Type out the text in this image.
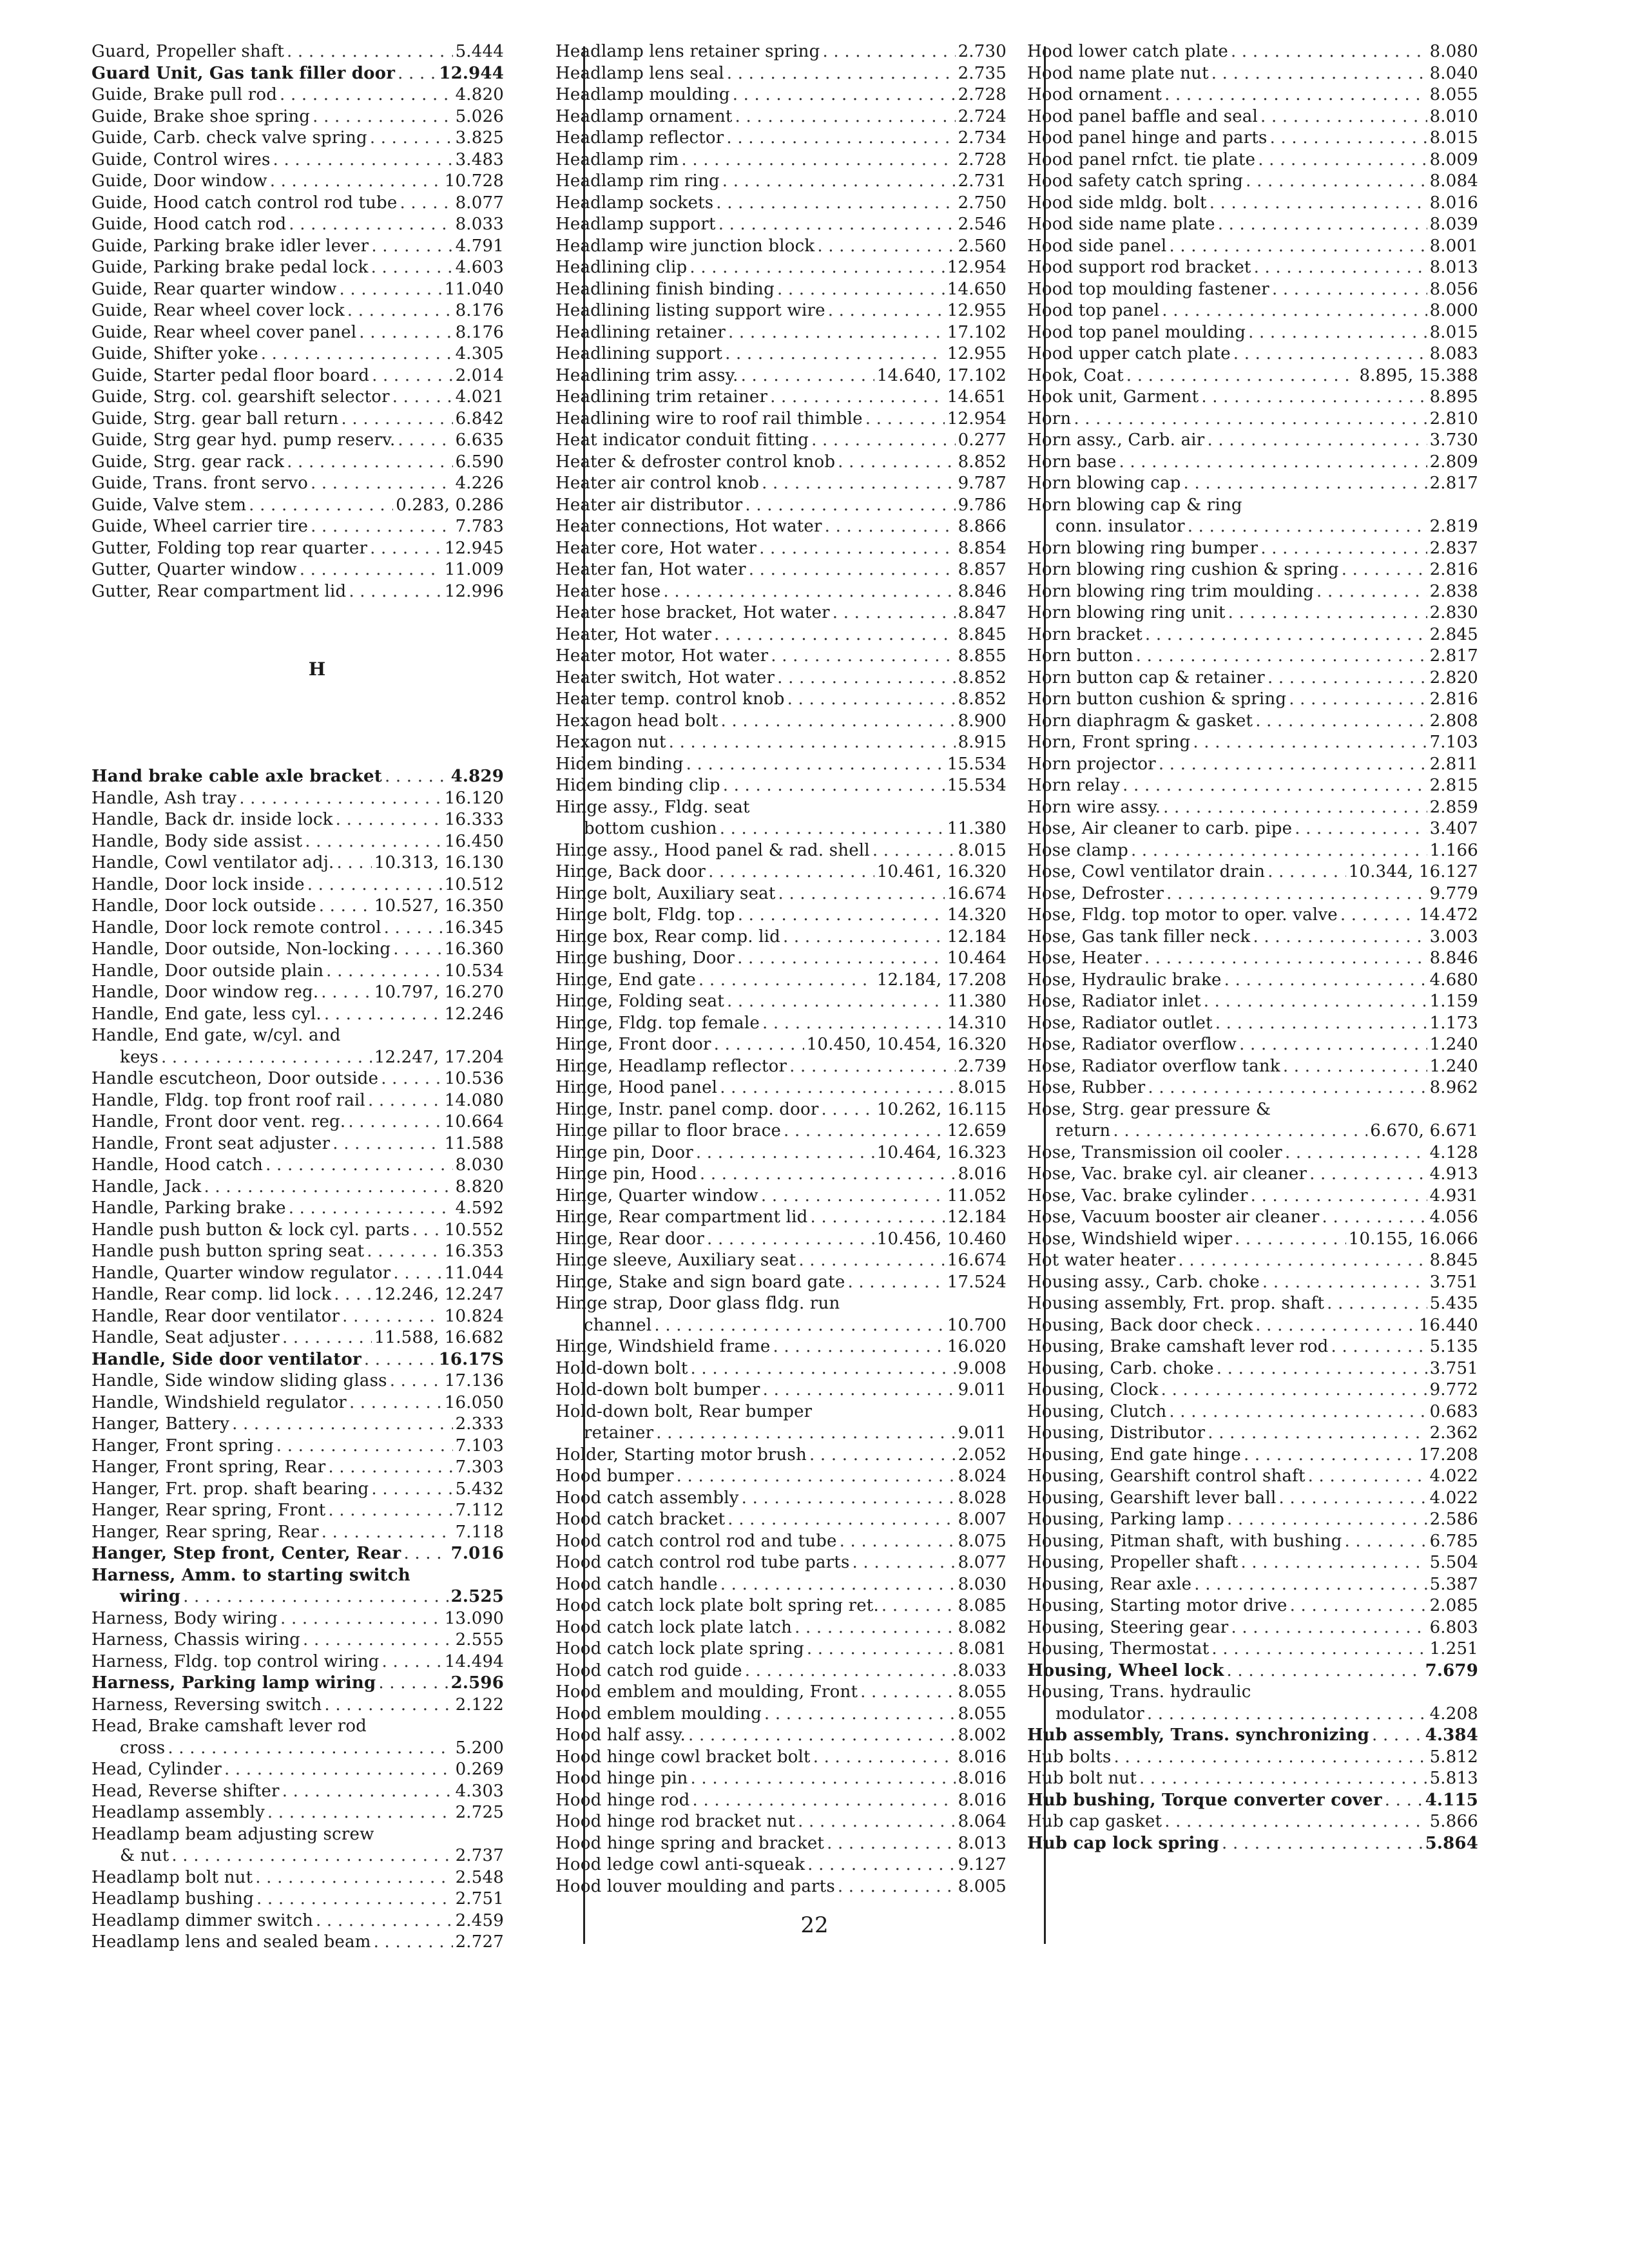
Guard, Propeller shaft . . .	5.444
Guard Unit, Gas tank filler door . . .	12.944
Guide, Brake pull rod . . .	4.820
Guide, Brake shoe spring . . .	5.026
Guide, Carb. check valve spring . . .	3.825
Guide, Control wires . . .	3.483
Guide, Door window . . .	10.728
Guide, Hood catch control rod tube . . .	8.077
Guide, Hood catch rod . . .	8.033
Guide, Parking brake idler lever . . .	4.791
Guide, Parking brake pedal lock . . .	4.603
Guide, Rear quarter window . . .	11.040
Guide, Rear wheel cover lock . . .	8.176
Guide, Rear wheel cover panel . . .	8.176
Guide, Shifter yoke . . .	4.305
Guide, Starter pedal floor board . . .	2.014
Guide, Strg. col. gearshift selector . . .	4.021
Guide, Strg. gear ball return . . .	6.842
Guide, Strg gear hyd. pump reserv. . . .	6.635
Guide, Strg. gear rack . . .	6.590
Guide, Trans. front servo . . .	4.226
Guide, Valve stem . . .	0.283, 0.286
Guide, Wheel carrier tire . . .	7.783
Gutter, Folding top rear quarter . . .	12.945
Gutter, Quarter window . . .	11.009
Gutter, Rear compartment lid . . .	12.996
H
Hand brake cable axle bracket . . .	4.829
Handle, Ash tray . . .	16.120
Handle, Back dr. inside lock . . .	16.333
Handle, Body side assist . . .	16.450
Handle, Cowl ventilator adj. . . . 10.313, 16.130
Handle, Door lock inside . . .	10.512
Handle, Door lock outside . . .	10.527, 16.350
Handle, Door lock remote control . . .	16.345
Handle, Door outside, Non-locking . . .	16.360
Handle, Door outside plain . . .	10.534
Handle, Door window reg. . . .	10.797, 16.270
Handle, End gate, less cyl. . . .	12.246
Handle, End gate, w/cyl. and
keys . . .	12.247, 17.204
Handle escutcheon, Door outside . . .	10.536
Handle, Fldg. top front roof rail . . .	14.080
Handle, Front door vent. reg. . . .	10.664
Handle, Front seat adjuster . . .	11.588
Handle, Hood catch . . .	8.030
Handle, Jack . . .	8.820
Handle, Parking brake . . .	4.592
Handle push button & lock cyl. parts . . . 10.552
Handle push button spring seat . . .	16.353
Handle, Quarter window regulator . . .	11.044
Handle, Rear comp. lid lock . . .	12.246, 12.247
Handle, Rear door ventilator . . .	10.824
Handle, Seat adjuster . . .	11.588, 16.682
Handle, Side door ventilator . . .	16.17S
Handle, Side window sliding glass . . .	17.136
Handle, Windshield regulator . . .	16.050
Hanger, Battery . . .	2.333
Hanger, Front spring . . .	7.103
Hanger, Front spring, Rear . . .	7.303
Hanger, Frt. prop. shaft bearing . . .	5.432
Hanger, Rear spring, Front . . .	7.112
Hanger, Rear spring, Rear . . .	7.118
Hanger, Step front, Center, Rear . . .	7.016
Harness, Amm. to starting switch
wiring . . .	2.525
Harness, Body wiring . . .	13.090
Harness, Chassis wiring . . .	2.555
Harness, Fldg. top control wiring . . .	14.494
Harness, Parking lamp wiring . . .	2.596
Harness, Reversing switch . . .	2.122
Head, Brake camshaft lever rod
cross . . .	5.200
Head, Cylinder . . .	0.269
Head, Reverse shifter . . .	4.303
Headlamp assembly . . .	2.725
Headlamp beam adjusting screw
& nut . . .	2.737
Headlamp bolt nut . . .	2.548
Headlamp bushing . . .	2.751
Headlamp dimmer switch . . .	2.459
Headlamp lens and sealed beam . . .	2.727
Headlamp lens retainer spring . . .	2.730
Headlamp lens seal . . .	2.735
Headlamp moulding . . .	2.728
Headlamp ornament . . .	2.724
Headlamp reflector . . .	2.734
Headlamp rim . . .	2.728
Headlamp rim ring . . .	2.731
Headlamp sockets . . .	2.750
Headlamp support . . .	2.546
Headlamp wire junction block . . .	2.560
Headlining clip . . .	12.954
Headlining finish binding . . .	14.650
Headlining listing support wire . . .	12.955
Headlining retainer . . .	17.102
Headlining support . . .	12.955
Headlining trim assy. . . .	14.640, 17.102
Headlining trim retainer . . .	14.651
Headlining wire to roof rail thimble . . .	12.954
Heat indicator conduit fitting . . .	0.277
Heater & defroster control knob . . .	8.852
Heater air control knob . . .	9.787
Heater air distributor . . .	9.786
Heater connections, Hot water . . .	8.866
Heater core, Hot water . . .	8.854
Heater fan, Hot water . . .	8.857
Heater hose . . .	8.846
Heater hose bracket, Hot water . . .	8.847
Heater, Hot water . . .	8.845
Heater motor, Hot water . . .	8.855
Heater switch, Hot water . . .	8.852
Heater temp. control knob . . .	8.852
Hexagon head bolt . . .	8.900
Hexagon nut . . .	8.915
Hidem binding . . .	15.534
Hidem binding clip . . .	15.534
Hinge assy., Fldg. seat
bottom cushion . . .	11.380
Hinge assy., Hood panel & rad. shell . . .	8.015
Hinge, Back door . . .	10.461, 16.320
Hinge bolt, Auxiliary seat . . .	16.674
Hinge bolt, Fldg. top . . .	14.320
Hinge box, Rear comp. lid . . .	12.184
Hinge bushing, Door . . .	10.464
Hinge, End gate . . .	12.184, 17.208
Hinge, Folding seat . . .	11.380
Hinge, Fldg. top female . . .	14.310
Hinge, Front door . . .	10.450, 10.454, 16.320
Hinge, Headlamp reflector . . .	2.739
Hinge, Hood panel . . .	8.015
Hinge, Instr. panel comp. door . . .	10.262, 16.115
Hinge pillar to floor brace . . .	12.659
Hinge pin, Door . . .	10.464, 16.323
Hinge pin, Hood . . .	8.016
Hinge, Quarter window . . .	11.052
Hinge, Rear compartment lid . . .	12.184
Hinge, Rear door . . .	10.456, 10.460
Hinge sleeve, Auxiliary seat . . .	16.674
Hinge, Stake and sign board gate . . .	17.524
Hinge strap, Door glass fldg. run
channel . . .	10.700
Hinge, Windshield frame . . .	16.020
Hold-down bolt . . .	9.008
Hold-down bolt bumper . . .	9.011
Hold-down bolt, Rear bumper
retainer . . .	9.011
Holder, Starting motor brush . . .	2.052
Hood bumper . . .	8.024
Hood catch assembly . . .	8.028
Hood catch bracket . . .	8.007
Hood catch control rod and tube . . .	8.075
Hood catch control rod tube parts . . .	8.077
Hood catch handle . . .	8.030
Hood catch lock plate bolt spring ret. . . .	8.085
Hood catch lock plate latch . . .	8.082
Hood catch lock plate spring . . .	8.081
Hood catch rod guide . . .	8.033
Hood emblem and moulding, Front . . .	8.055
Hood emblem moulding . . .	8.055
Hood half assy. . . .	8.002
Hood hinge cowl bracket bolt . . .	8.016
Hood hinge pin . . .	8.016
Hood hinge rod . . .	8.016
Hood hinge rod bracket nut . . .	8.064
Hood hinge spring and bracket . . .	8.013
Hood ledge cowl anti-squeak . . .	9.127
Hood louver moulding and parts . . .	8.005
Hood lower catch plate . . .	8.080
Hood name plate nut . . .	8.040
Hood ornament . . .	8.055
Hood panel baffle and seal . . .	8.010
Hood panel hinge and parts . . .	8.015
Hood panel rnfct. tie plate . . .	8.009
Hood safety catch spring . . .	8.084
Hood side mldg. bolt . . .	8.016
Hood side name plate . . .	8.039
Hood side panel . . .	8.001
Hood support rod bracket . . .	8.013
Hood top moulding fastener . . .	8.056
Hood top panel . . .	8.000
Hood top panel moulding . . .	8.015
Hood upper catch plate . . .	8.083
Hook, Coat . . .	8.895, 15.388
Hook unit, Garment . . .	8.895
Horn . . .	2.810
Horn assy., Carb. air . . .	3.730
Horn base . . .	2.809
Horn blowing cap . . .	2.817
Horn blowing cap & ring
conn. insulator . . .	2.819
Horn blowing ring bumper . . .	2.837
Horn blowing ring cushion & spring . . .	2.816
Horn blowing ring trim moulding . . .	2.838
Horn blowing ring unit . . .	2.830
Horn bracket . . .	2.845
Horn button . . .	2.817
Horn button cap & retainer . . .	2.820
Horn button cushion & spring . . .	2.816
Horn diaphragm & gasket . . .	2.808
Horn, Front spring . . .	7.103
Horn projector . . .	2.811
Horn relay . . .	2.815
Horn wire assy. . . .	2.859
Hose, Air cleaner to carb. pipe . . .	3.407
Hose clamp . . .	1.166
Hose, Cowl ventilator drain . . .	10.344, 16.127
Hose, Defroster . . .	9.779
Hose, Fldg. top motor to oper. valve . . .	14.472
Hose, Gas tank filler neck . . .	3.003
Hose, Heater . . .	8.846
Hose, Hydraulic brake . . .	4.680
Hose, Radiator inlet . . .	1.159
Hose, Radiator outlet . . .	1.173
Hose, Radiator overflow . . .	1.240
Hose, Radiator overflow tank . . .	1.240
Hose, Rubber . . .	8.962
Hose, Strg. gear pressure &
return . . .	6.670, 6.671
Hose, Transmission oil cooler . . .	4.128
Hose, Vac. brake cyl. air cleaner . . .	4.913
Hose, Vac. brake cylinder . . .	4.931
Hose, Vacuum booster air cleaner . . .	4.056
Hose, Windshield wiper . . .	10.155, 16.066
Hot water heater . . .	8.845
Housing assy., Carb. choke . . .	3.751
Housing assembly, Frt. prop. shaft . . .	5.435
Housing, Back door check . . .	16.440
Housing, Brake camshaft lever rod . . .	5.135
Housing, Carb. choke . . .	3.751
Housing, Clock . . .	9.772
Housing, Clutch . . .	0.683
Housing, Distributor . . .	2.362
Housing, End gate hinge . . .	17.208
Housing, Gearshift control shaft . . .	4.022
Housing, Gearshift lever ball . . .	4.022
Housing, Parking lamp . . .	2.586
Housing, Pitman shaft, with bushing . . .	6.785
Housing, Propeller shaft . . .	5.504
Housing, Rear axle . . .	5.387
Housing, Starting motor drive . . .	2.085
Housing, Steering gear . . .	6.803
Housing, Thermostat . . .	1.251
Housing, Wheel lock . . .	7.679
Housing, Trans. hydraulic
modulator . . .	4.208
Hub assembly, Trans. synchronizing . . .	4.384
Hub bolts . . .	5.812
Hub bolt nut . . .	5.813
Hub bushing, Torque converter cover . . .	4.115
Hub cap gasket . . .	5.866
Hub cap lock spring . . .	5.864
22
